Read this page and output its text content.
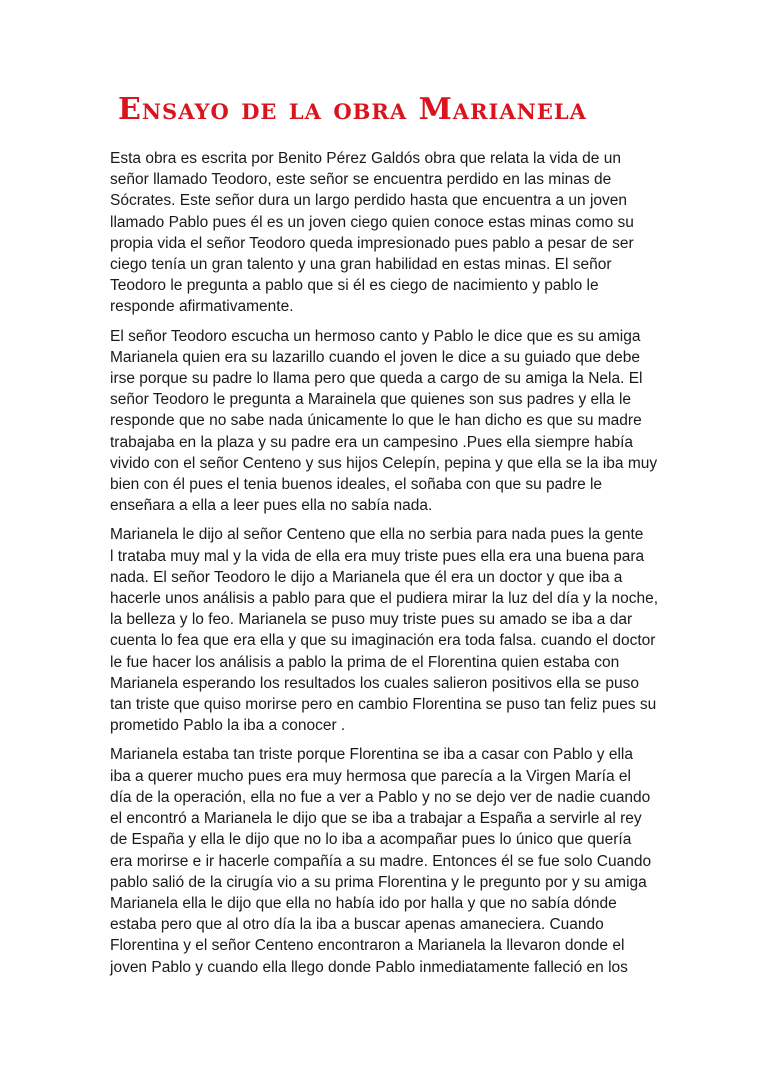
Ensayo de la obra Marianela

Esta obra es escrita por Benito Pérez Galdós obra que relata la vida de un
señor llamado Teodoro, este señor se encuentra perdido en las minas de
Sócrates. Este señor dura un largo perdido hasta que encuentra a un joven
llamado Pablo pues él es un joven ciego quien conoce estas minas como su
propia vida el señor Teodoro queda impresionado pues pablo a pesar de ser
ciego tenía un gran talento y una gran habilidad en estas minas. El señor
Teodoro le pregunta a pablo que si él es ciego de nacimiento y pablo le
responde afirmativamente.

El señor Teodoro escucha un hermoso canto y Pablo le dice que es su amiga
Marianela quien era su lazarillo cuando el joven le dice a su guiado que debe
irse porque su padre lo llama pero que queda a cargo de su amiga la Nela. El
señor Teodoro le pregunta a Marainela que quienes son sus padres y ella le
responde que no sabe nada únicamente lo que le han dicho es que su madre
trabajaba en la plaza y su padre era un campesino .Pues ella siempre había
vivido con el señor Centeno y sus hijos Celepín, pepina y que ella se la iba muy
bien con él pues el tenia buenos ideales, el soñaba con que su padre le
enseñara a ella a leer pues ella no sabía nada.

Marianela le dijo al señor Centeno que ella no serbia para nada pues la gente
l trataba muy mal y la vida de ella era muy triste pues ella era una buena para
nada. El señor Teodoro le dijo a Marianela que él era un doctor y que iba a
hacerle unos análisis a pablo para que el pudiera mirar la luz del día y la noche,
la belleza y lo feo. Marianela se puso muy triste pues su amado se iba a dar
cuenta lo fea que era ella y que su imaginación era toda falsa. cuando el doctor
le fue hacer los análisis a pablo la prima de el Florentina quien estaba con
Marianela esperando los resultados los cuales salieron positivos ella se puso
tan triste que quiso morirse pero en cambio Florentina se puso tan feliz pues su
prometido Pablo la iba a conocer .

Marianela estaba tan triste porque Florentina se iba a casar con Pablo y ella
iba a querer mucho pues era muy hermosa que parecía a la Virgen María el
día de la operación, ella no fue a ver a Pablo y no se dejo ver de nadie cuando
el encontró a Marianela le dijo que se iba a trabajar a España a servirle al rey
de España y ella le dijo que no lo iba a acompañar pues lo único que quería
era morirse e ir hacerle compañía a su madre. Entonces él se fue solo Cuando
pablo salió de la cirugía vio a su prima Florentina y le pregunto por y su amiga
Marianela ella le dijo que ella no había ido por halla y que no sabía dónde
estaba pero que al otro día la iba a buscar apenas amaneciera. Cuando
Florentina y el señor Centeno encontraron a Marianela la llevaron donde el
joven Pablo y cuando ella llego donde Pablo inmediatamente falleció en los
